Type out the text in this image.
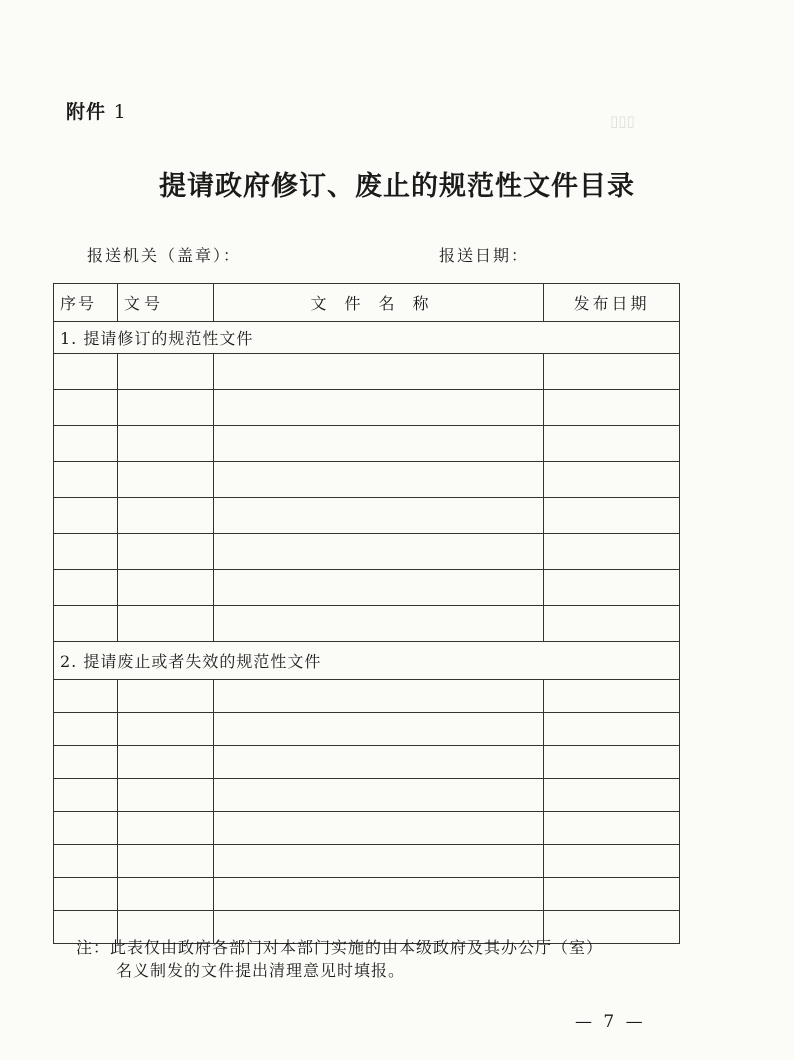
▯▯▯
附件 1
提请政府修订、废止的规范性文件目录
报送机关（盖章）：	报送日期：
序号	文号	文件名称	发布日期
1. 提请修订的规范性文件			

2. 提请废止或者失效的规范性文件			

注：此表仅由政府各部门对本部门实施的由本级政府及其办公厅（室）
名义制发的文件提出清理意见时填报。
— 7 —
